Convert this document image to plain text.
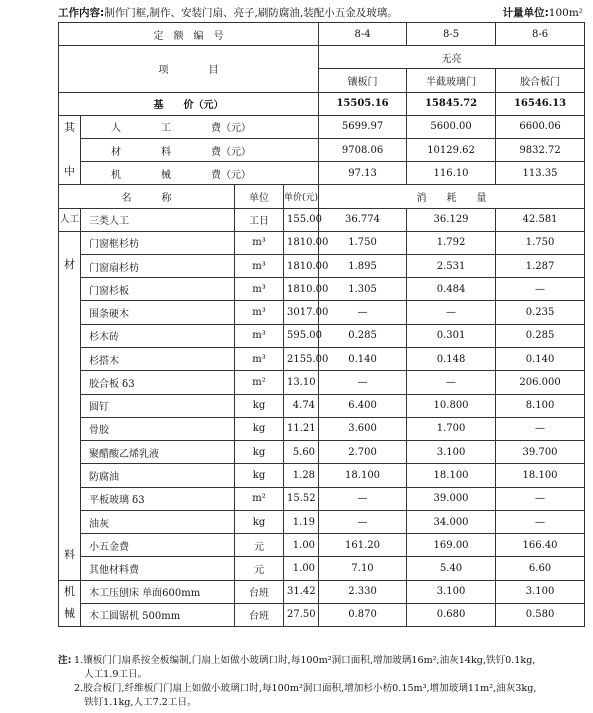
工作内容:制作门框,制作、安装门扇、亮子,刷防腐油,装配小五金及玻璃。	计量单位:100m²
定　额　编　号				8-4	8-5	8-6
项　　　　目				无亮		
				镶板门	半截玻璃门	胶合板门
基　　价（元）				15505.16	15845.72	16546.13

其
中	人　　　　工　　　　费（元）			5699.97	5600.00	6600.06
	材　　　　料　　　　费（元）			9708.06	10129.62	9832.72
	机　　　　械　　　　费（元）			97.13	116.10	113.35
名　　　称		单位	单价(元)	消　　耗　　量		
人工	三类人工	工日	155.00	36.774	36.129	42.581

材
料	门窗框杉枋	m³	1810.00	1.750	1.792	1.750
	门窗扇杉枋	m³	1810.00	1.895	2.531	1.287
	门窗杉板	m³	1810.00	1.305	0.484	—
	围条硬木	m³	3017.00	—	—	0.235
	杉木砖	m³	595.00	0.285	0.301	0.285
	杉搭木	m³	2155.00	0.140	0.148	0.140
	胶合板 δ3	m²	13.10	—	—	206.000
	圆钉	kg	4.74	6.400	10.800	8.100
	骨胶	kg	11.21	3.600	1.700	—
	聚醋酸乙烯乳液	kg	5.60	2.700	3.100	39.700
	防腐油	kg	1.28	18.100	18.100	18.100
	平板玻璃 δ3	m²	15.52	—	39.000	—
	油灰	kg	1.19	—	34.000	—
	小五金费	元	1.00	161.20	169.00	166.40
	其他材料费	元	1.00	7.10	5.40	6.60

机
械	木工压刨床 单面600mm	台班	31.42	2.330	3.100	3.100
	木工圆锯机 500mm	台班	27.50	0.870	0.680	0.580
注: 1.镶板门门扇系按全板编制,门扇上如做小玻璃口时,每100m²洞口面积,增加玻璃16m²,油灰14kg,铁钉0.1kg,
人工1.9工日。
2.胶合板门,纤维板门门扇上如做小玻璃口时,每100m²洞口面积,增加杉小枋0.15m³,增加玻璃11m²,油灰3kg,
铁钉1.1kg,人工7.2工日。
